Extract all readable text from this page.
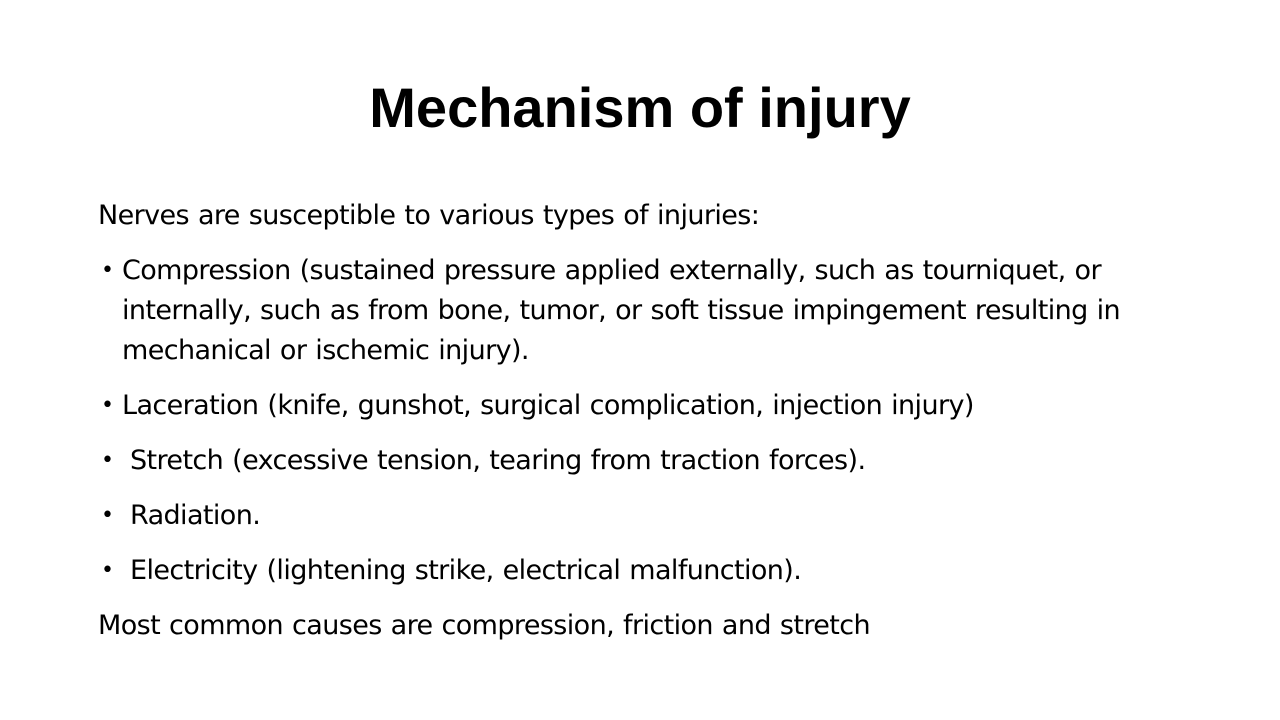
Mechanism of injury

Nerves are susceptible to various types of injuries:

• Compression (sustained pressure applied externally, such as tourniquet, or internally, such as from bone, tumor, or soft tissue impingement resulting in mechanical or ischemic injury).
• Laceration (knife, gunshot, surgical complication, injection injury)
• Stretch (excessive tension, tearing from traction forces).
• Radiation.
• Electricity (lightening strike, electrical malfunction).

Most common causes are compression, friction and stretch
